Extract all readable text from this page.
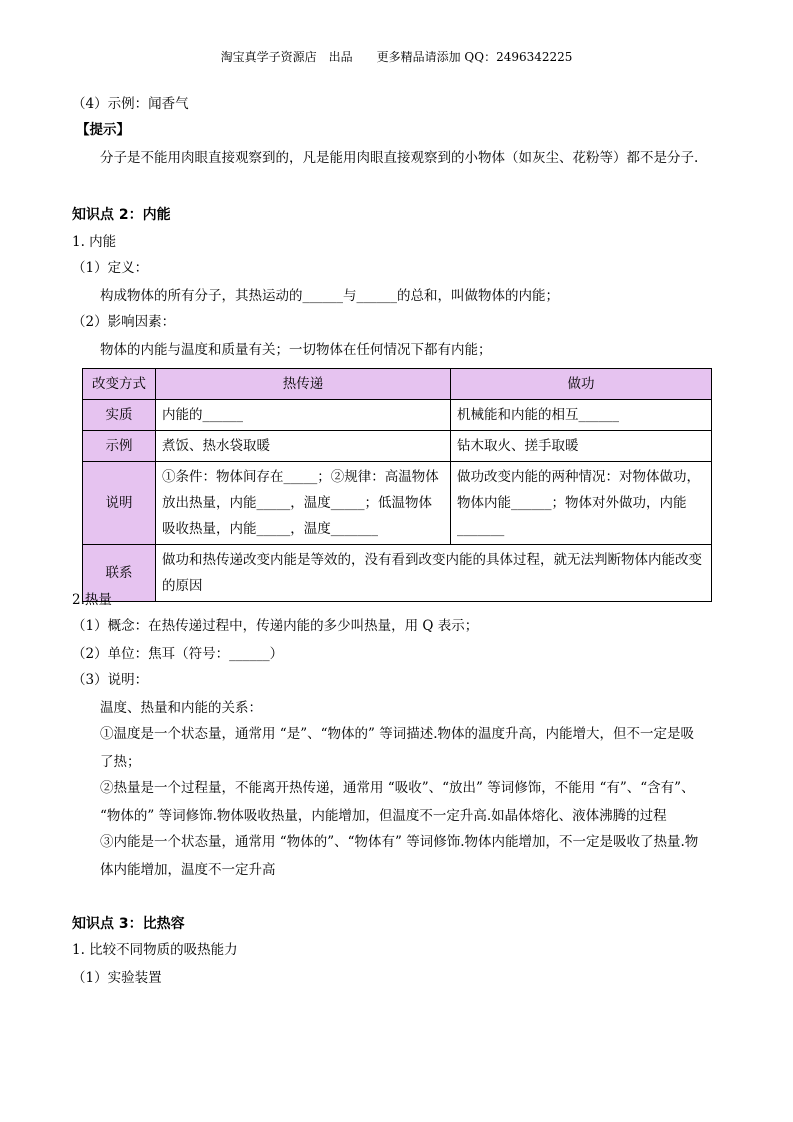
淘宝真学子资源店　出品　　更多精品请添加 QQ：2496342225
（4）示例：闻香气
【提示】
分子是不能用肉眼直接观察到的，凡是能用肉眼直接观察到的小物体（如灰尘、花粉等）都不是分子.
知识点 2：内能
1. 内能
（1）定义：
构成物体的所有分子，其热运动的______与______的总和，叫做物体的内能；
（2）影响因素：
物体的内能与温度和质量有关；一切物体在任何情况下都有内能；
改变方式	热传递	做功
实质	内能的______	机械能和内能的相互______
示例	煮饭、热水袋取暖	钻木取火、搓手取暖
说明	①条件：物体间存在_____；②规律：高温物体放出热量，内能_____，温度_____；低温物体吸收热量，内能_____，温度_______	做功改变内能的两种情况：对物体做功，物体内能______；物体对外做功，内能_______
联系	做功和热传递改变内能是等效的，没有看到改变内能的具体过程，就无法判断物体内能改变的原因	
2.热量
（1）概念：在热传递过程中，传递内能的多少叫热量，用 Q 表示；
（2）单位：焦耳（符号：______）
（3）说明：
温度、热量和内能的关系：
①温度是一个状态量，通常用 “是”、“物体的” 等词描述.物体的温度升高，内能增大，但不一定是吸
了热；
②热量是一个过程量，不能离开热传递，通常用 “吸收”、“放出” 等词修饰，不能用 “有”、“含有”、
“物体的” 等词修饰.物体吸收热量，内能增加，但温度不一定升高.如晶体熔化、液体沸腾的过程
③内能是一个状态量，通常用 “物体的”、“物体有” 等词修饰.物体内能增加，不一定是吸收了热量.物
体内能增加，温度不一定升高
知识点 3：比热容
1. 比较不同物质的吸热能力
（1）实验装置
